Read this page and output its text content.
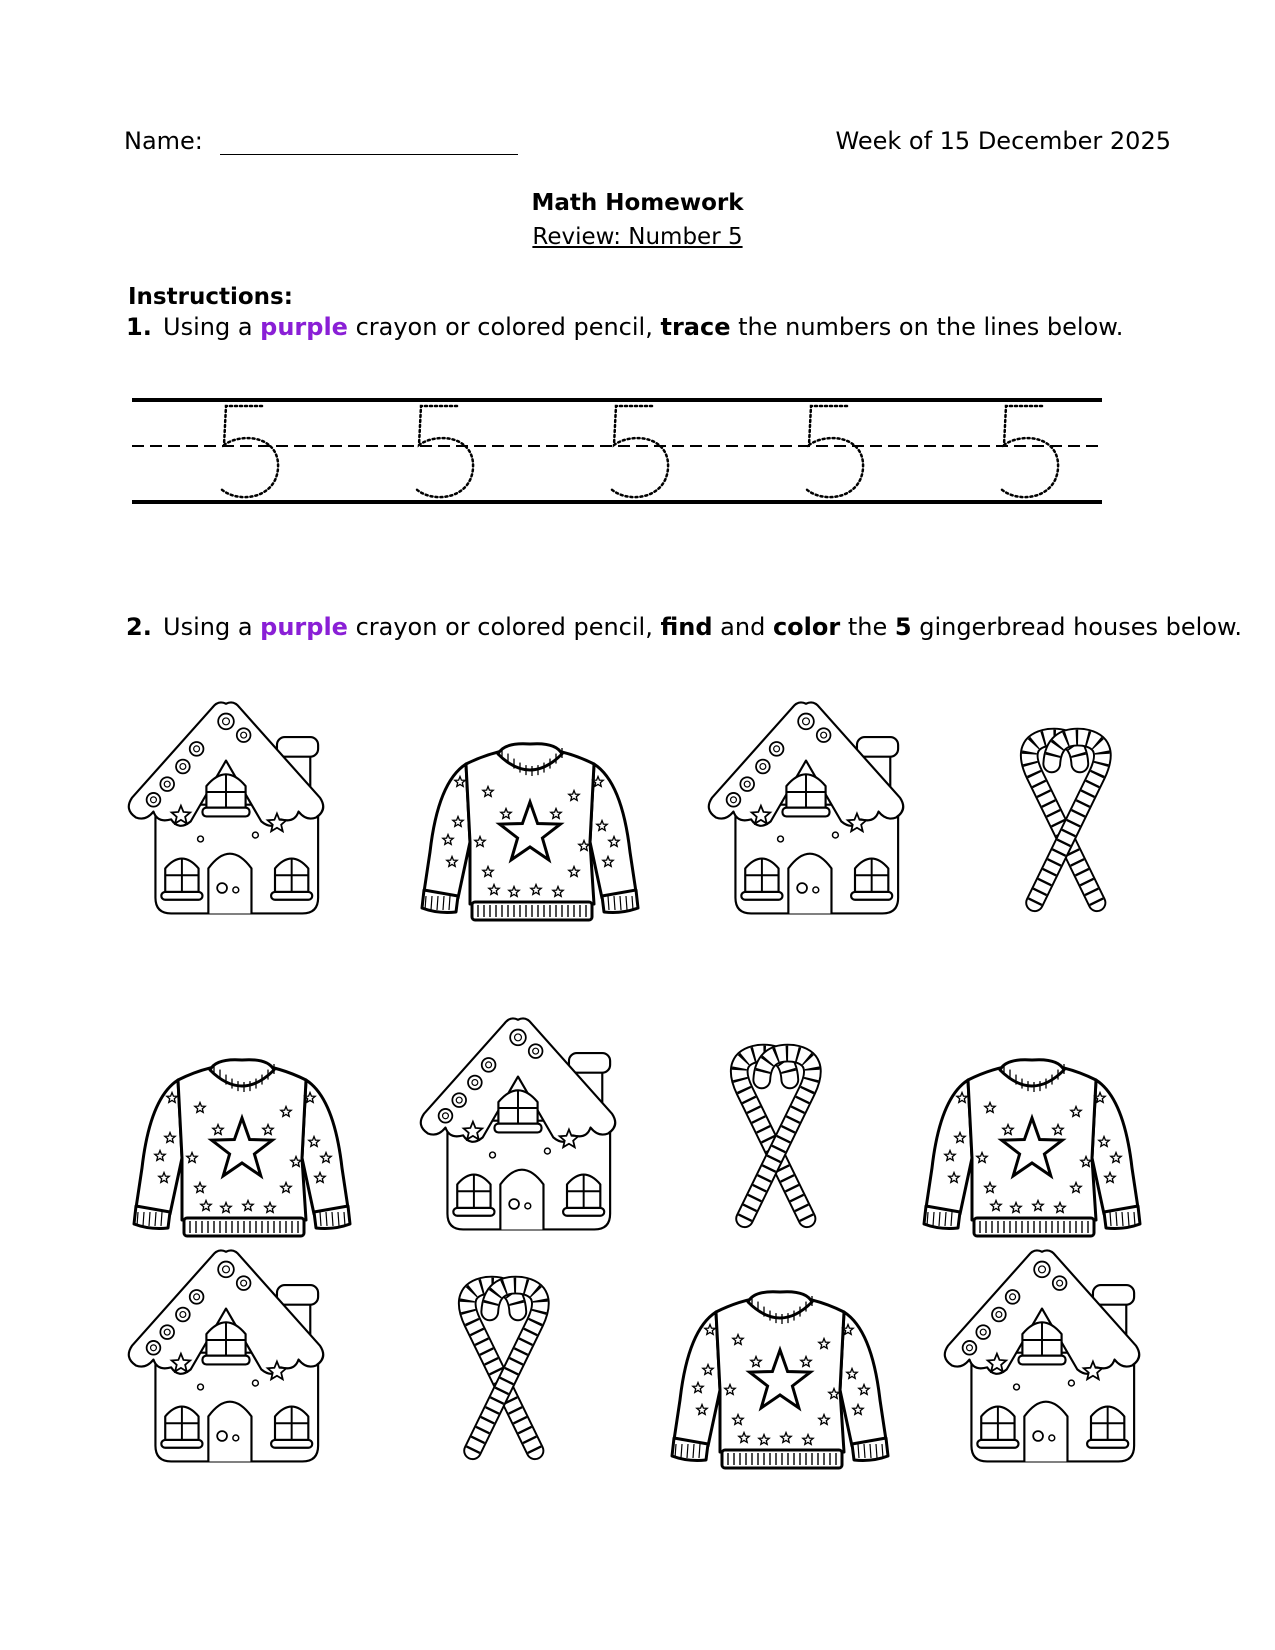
Name:	Week of 15 December 2025
Math Homework
Review: Number 5
Instructions:
1. Using a purple crayon or colored pencil, trace the numbers on the lines below.
2. Using a purple crayon or colored pencil, find and color the 5 gingerbread houses below.
